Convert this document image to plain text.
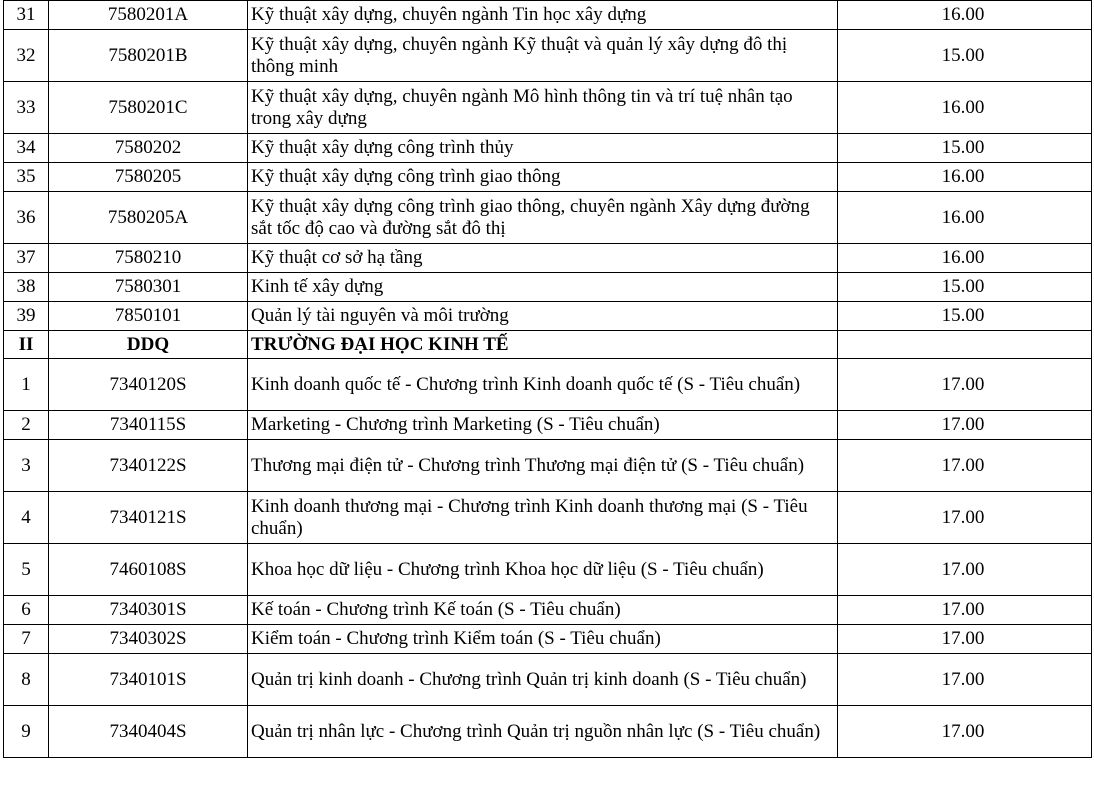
31	7580201A	Kỹ thuật xây dựng, chuyên ngành Tin học xây dựng	16.00
32	7580201B	Kỹ thuật xây dựng, chuyên ngành Kỹ thuật và quản lý xây dựng đô thị thông minh	15.00
33	7580201C	Kỹ thuật xây dựng, chuyên ngành Mô hình thông tin và trí tuệ nhân tạo trong xây dựng	16.00
34	7580202	Kỹ thuật xây dựng công trình thủy	15.00
35	7580205	Kỹ thuật xây dựng công trình giao thông	16.00
36	7580205A	Kỹ thuật xây dựng công trình giao thông, chuyên ngành Xây dựng đường sắt tốc độ cao và đường sắt đô thị	16.00
37	7580210	Kỹ thuật cơ sở hạ tầng	16.00
38	7580301	Kinh tế xây dựng	15.00
39	7850101	Quản lý tài nguyên và môi trường	15.00
II	DDQ	TRƯỜNG ĐẠI HỌC KINH TẾ	
1	7340120S	Kinh doanh quốc tế - Chương trình Kinh doanh quốc tế (S - Tiêu chuẩn)	17.00
2	7340115S	Marketing - Chương trình Marketing (S - Tiêu chuẩn)	17.00
3	7340122S	Thương mại điện tử - Chương trình Thương mại điện tử (S - Tiêu chuẩn)	17.00
4	7340121S	Kinh doanh thương mại - Chương trình Kinh doanh thương mại (S - Tiêu chuẩn)	17.00
5	7460108S	Khoa học dữ liệu - Chương trình Khoa học dữ liệu (S - Tiêu chuẩn)	17.00
6	7340301S	Kế toán - Chương trình Kế toán (S - Tiêu chuẩn)	17.00
7	7340302S	Kiểm toán - Chương trình Kiểm toán (S - Tiêu chuẩn)	17.00
8	7340101S	Quản trị kinh doanh - Chương trình Quản trị kinh doanh (S - Tiêu chuẩn)	17.00
9	7340404S	Quản trị nhân lực - Chương trình Quản trị nguồn nhân lực (S - Tiêu chuẩn)	17.00
